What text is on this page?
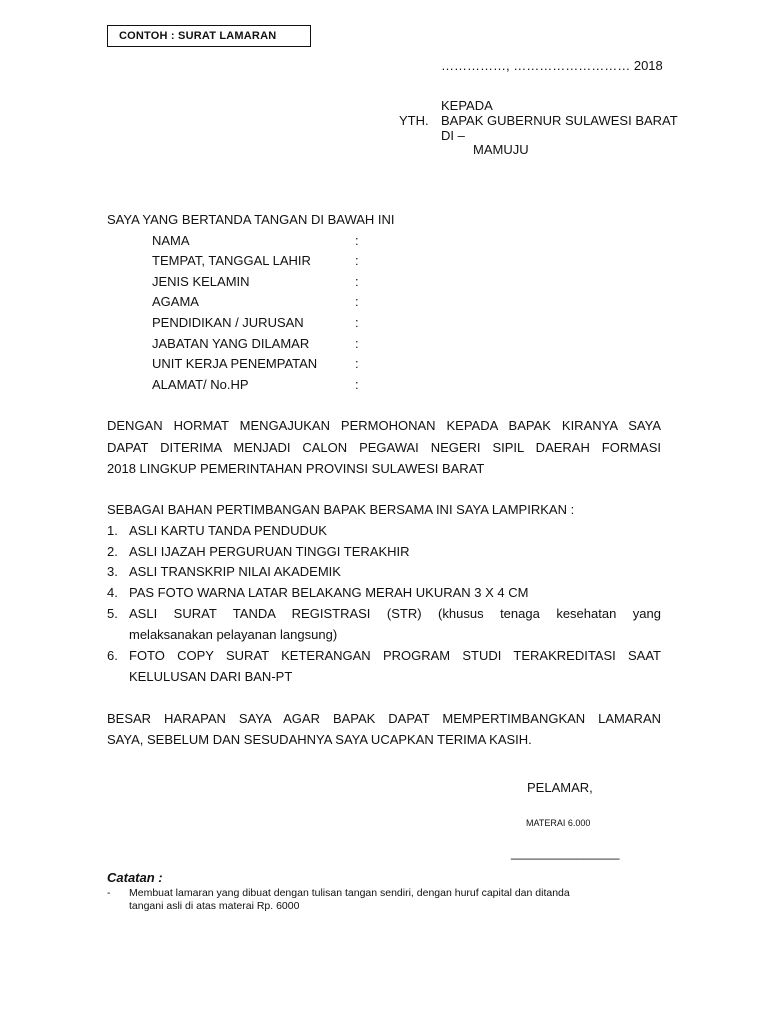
CONTOH : SURAT LAMARAN
……………, ……………………… 2018
KEPADA
YTH. BAPAK GUBERNUR SULAWESI BARAT
DI –
MAMUJU
SAYA YANG BERTANDA TANGAN DI BAWAH INI
NAMA	:
TEMPAT, TANGGAL LAHIR	:
JENIS KELAMIN	:
AGAMA	:
PENDIDIKAN / JURUSAN	:
JABATAN YANG DILAMAR	:
UNIT KERJA PENEMPATAN	:
ALAMAT/ No.HP	:
DENGAN HORMAT MENGAJUKAN PERMOHONAN KEPADA BAPAK KIRANYA SAYA
DAPAT DITERIMA MENJADI CALON PEGAWAI NEGERI SIPIL DAERAH FORMASI
2018 LINGKUP PEMERINTAHAN PROVINSI SULAWESI BARAT
SEBAGAI BAHAN PERTIMBANGAN BAPAK BERSAMA INI SAYA LAMPIRKAN :
1. ASLI KARTU TANDA PENDUDUK
2. ASLI IJAZAH PERGURUAN TINGGI TERAKHIR
3. ASLI TRANSKRIP NILAI AKADEMIK
4. PAS FOTO WARNA LATAR BELAKANG MERAH UKURAN 3 X 4 CM
5. ASLI SURAT TANDA REGISTRASI (STR) (khusus tenaga kesehatan yang
melaksanakan pelayanan langsung)
6. FOTO COPY SURAT KETERANGAN PROGRAM STUDI TERAKREDITASI SAAT
KELULUSAN DARI BAN-PT
BESAR HARAPAN SAYA AGAR BAPAK DAPAT MEMPERTIMBANGKAN LAMARAN
SAYA, SEBELUM DAN SESUDAHNYA SAYA UCAPKAN TERIMA KASIH.
PELAMAR,
MATERAI 6.000
_______________
Catatan :
- Membuat lamaran yang dibuat dengan tulisan tangan sendiri, dengan huruf capital dan ditanda
tangani asli di atas materai Rp. 6000
